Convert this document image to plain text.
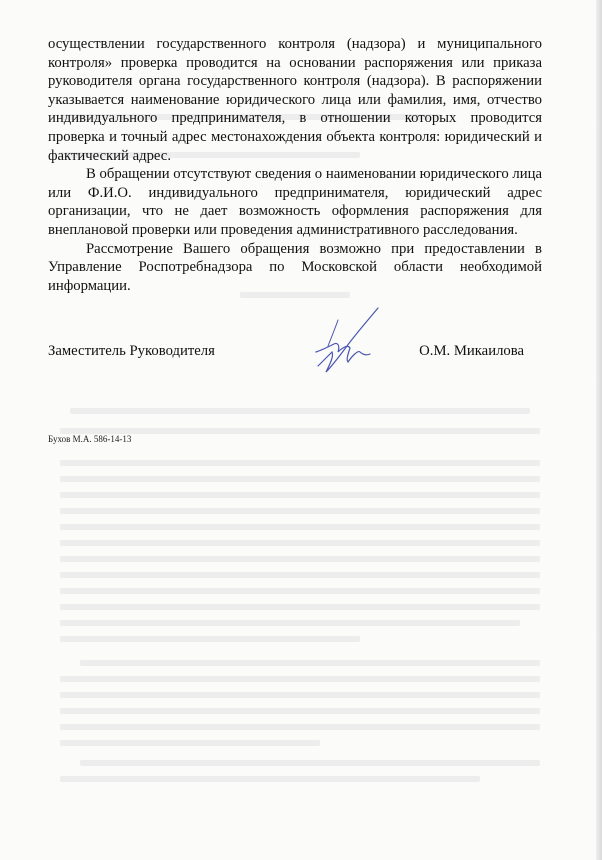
осуществлении государственного контроля (надзора) и муниципального контроля» проверка проводится на основании распоряжения или приказа руководителя органа государственного контроля (надзора). В распоряжении указывается наименование юридического лица или фамилия, имя, отчество индивидуального предпринимателя, в отношении которых проводится проверка и точный адрес местонахождения объекта контроля: юридический и фактический адрес.

В обращении отсутствуют сведения о наименовании юридического лица или Ф.И.О. индивидуального предпринимателя, юридический адрес организации, что не дает возможность оформления распоряжения для внеплановой проверки или проведения административного расследования.

Рассмотрение Вашего обращения возможно при предоставлении в Управление Роспотребнадзора по Московской области необходимой информации.

Заместитель Руководителя	О.М. Микаилова
Бухов М.А. 586-14-13
